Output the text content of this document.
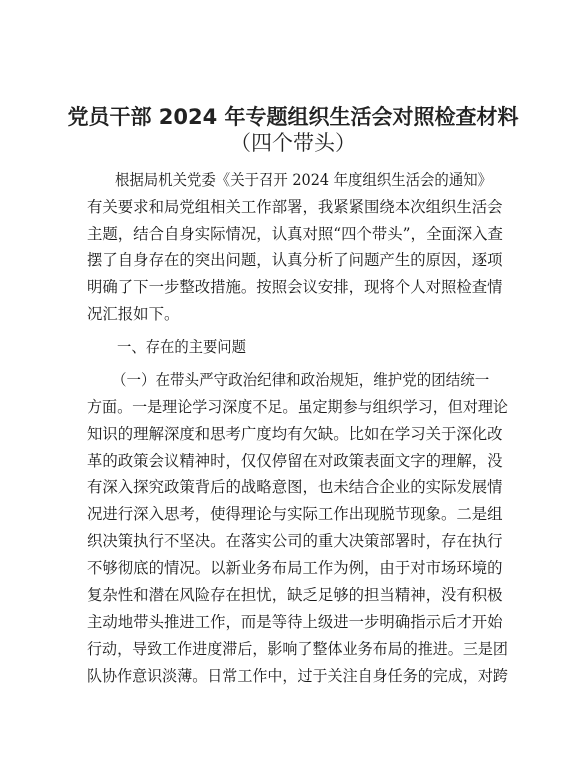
党员干部 2024 年专题组织生活会对照检查材料
（四个带头）
根据局机关党委《关于召开 2024 年度组织生活会的通知》
有关要求和局党组相关工作部署，我紧紧围绕本次组织生活会
主题，结合自身实际情况，认真对照“四个带头”，全面深入查
摆了自身存在的突出问题，认真分析了问题产生的原因，逐项
明确了下一步整改措施。按照会议安排，现将个人对照检查情
况汇报如下。
一、存在的主要问题
（一）在带头严守政治纪律和政治规矩，维护党的团结统一
方面。一是理论学习深度不足。虽定期参与组织学习，但对理论
知识的理解深度和思考广度均有欠缺。比如在学习关于深化改
革的政策会议精神时，仅仅停留在对政策表面文字的理解，没
有深入探究政策背后的战略意图，也未结合企业的实际发展情
况进行深入思考，使得理论与实际工作出现脱节现象。二是组
织决策执行不坚决。在落实公司的重大决策部署时，存在执行
不够彻底的情况。以新业务布局工作为例，由于对市场环境的
复杂性和潜在风险存在担忧，缺乏足够的担当精神，没有积极
主动地带头推进工作，而是等待上级进一步明确指示后才开始
行动，导致工作进度滞后，影响了整体业务布局的推进。三是团
队协作意识淡薄。日常工作中，过于关注自身任务的完成，对跨
